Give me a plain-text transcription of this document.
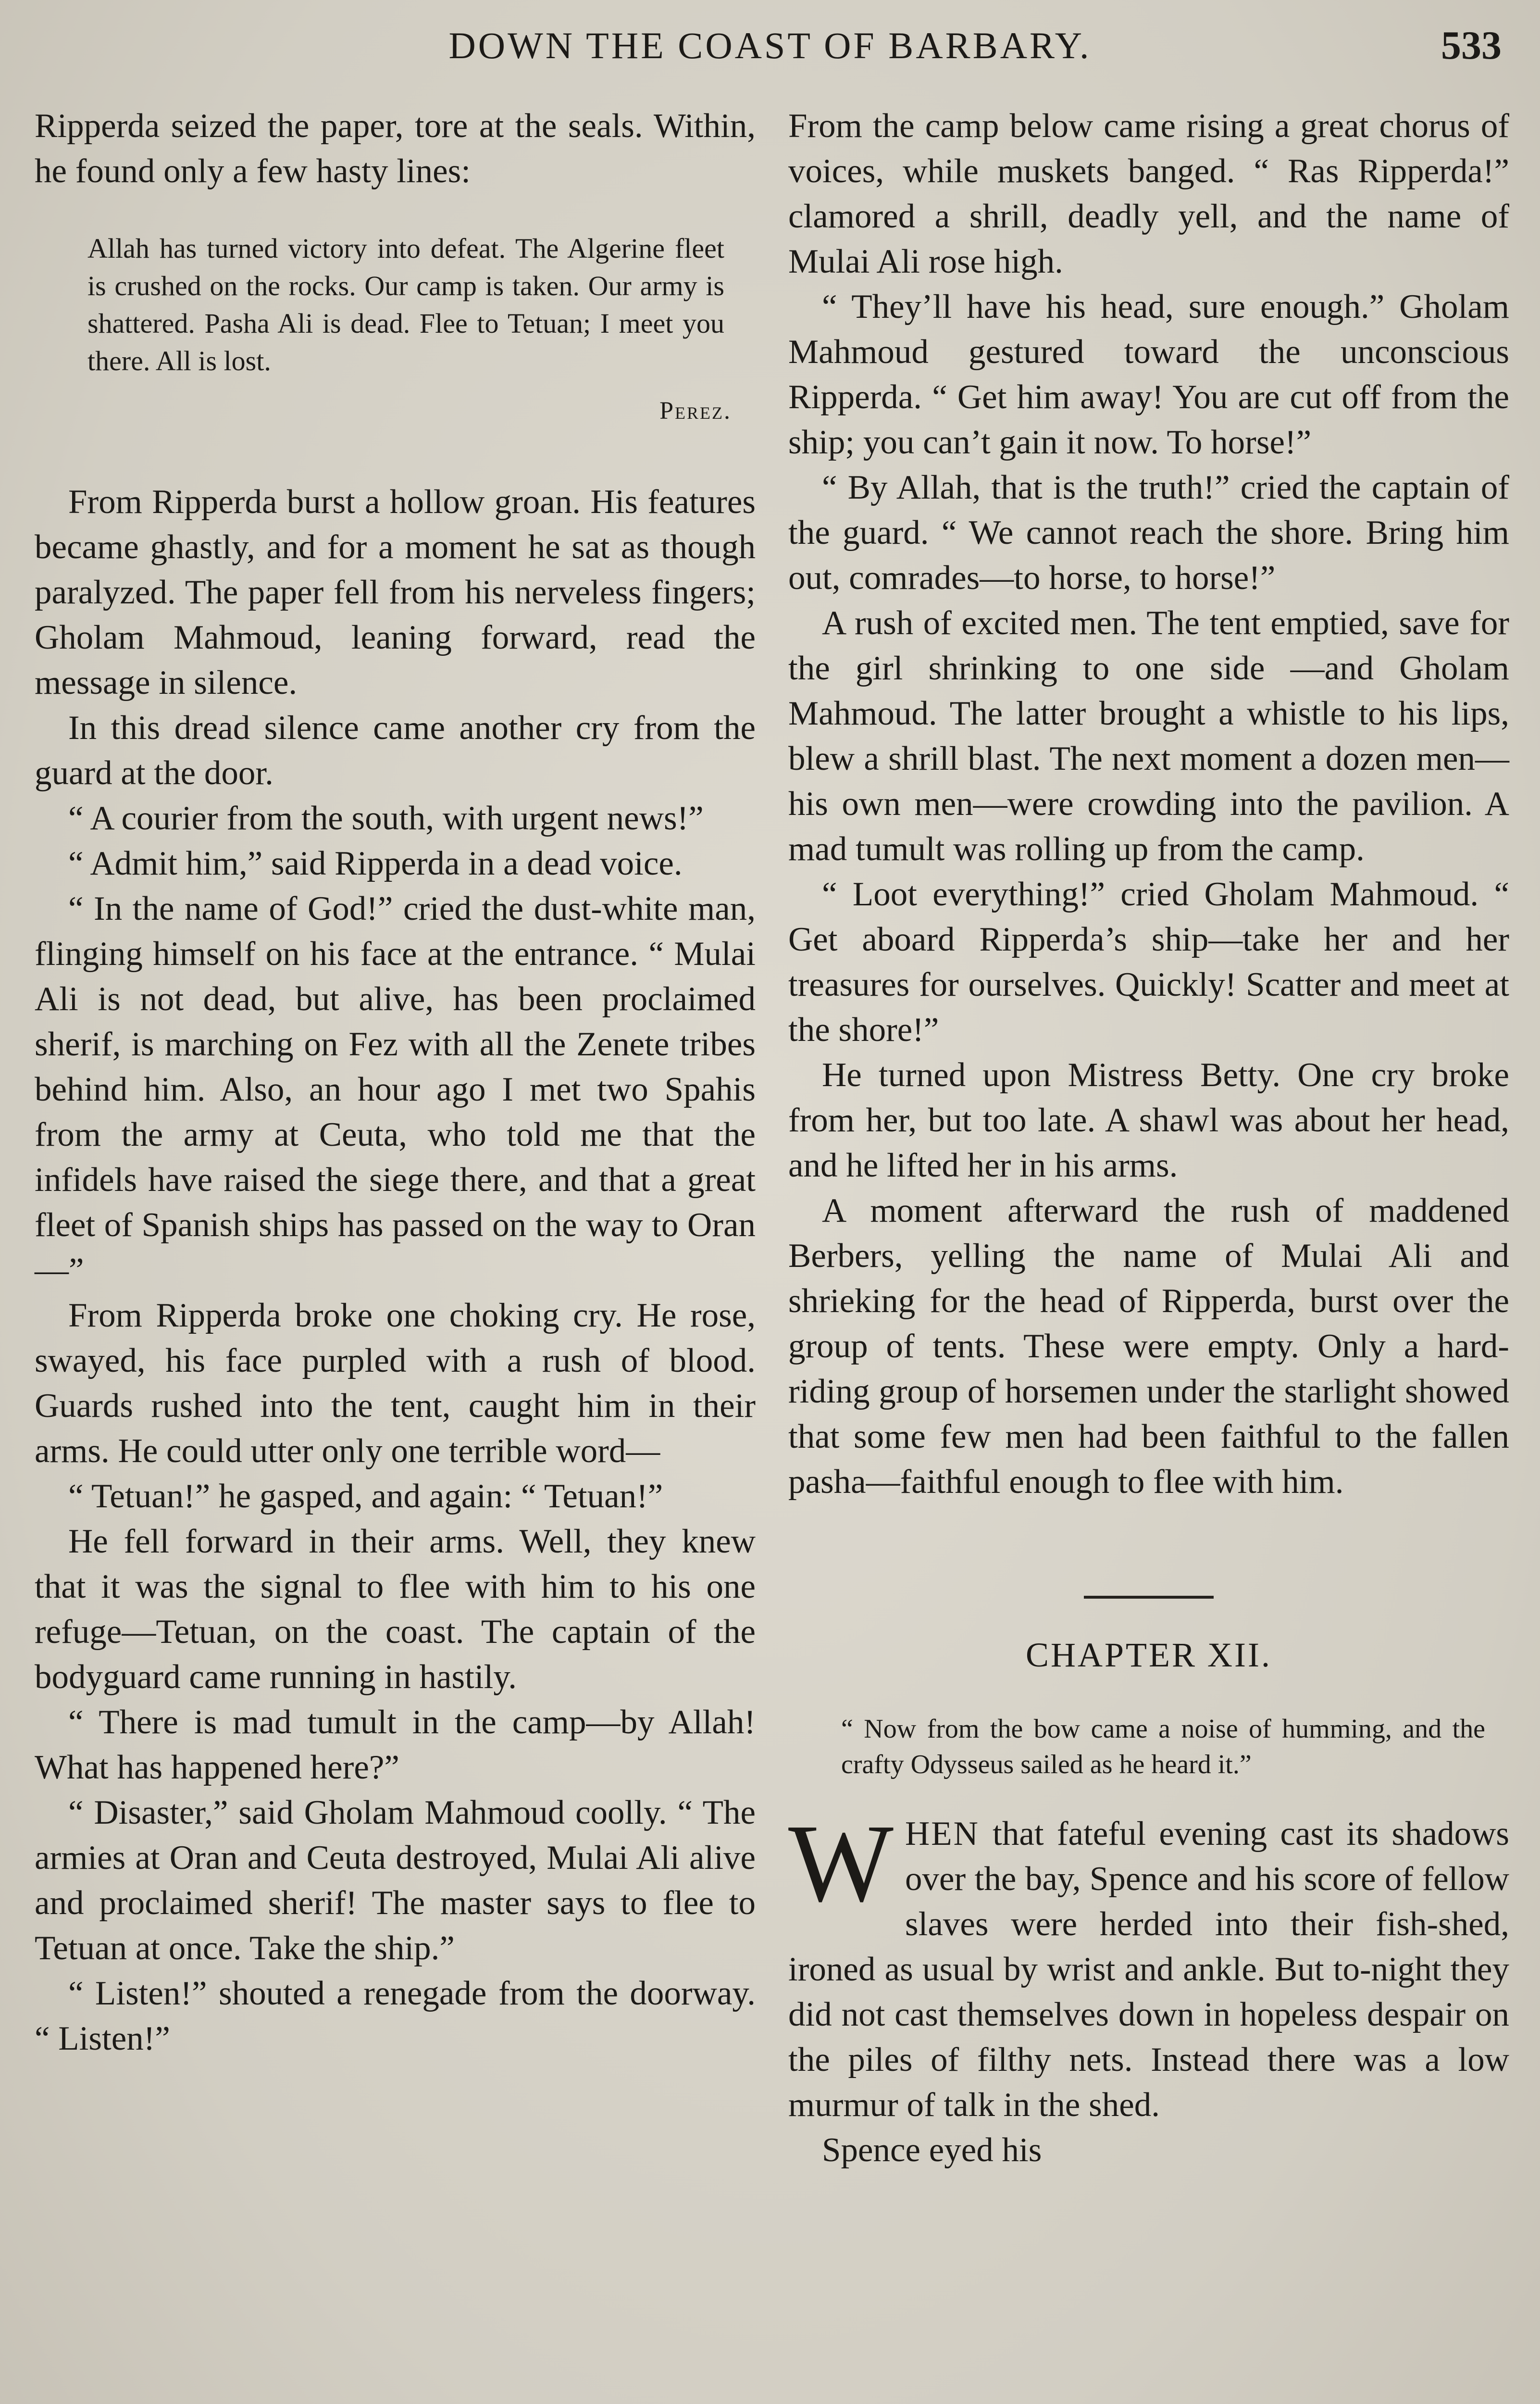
DOWN THE COAST OF BARBARY.	533

Ripperda seized the paper, tore at the seals. Within, he found only a few hasty lines:

Allah has turned victory into defeat. The Algerine fleet is crushed on the rocks. Our camp is taken. Our army is shattered. Pasha Ali is dead. Flee to Tetuan; I meet you there. All is lost.

Perez.

From Ripperda burst a hollow groan. His features became ghastly, and for a moment he sat as though paralyzed. The paper fell from his nerveless fingers; Gholam Mahmoud, leaning forward, read the message in silence.

In this dread silence came another cry from the guard at the door.

“ A courier from the south, with urgent news!”

“ Admit him,” said Ripperda in a dead voice.

“ In the name of God!” cried the dust-white man, flinging himself on his face at the entrance. “ Mulai Ali is not dead, but alive, has been proclaimed sherif, is marching on Fez with all the Zenete tribes behind him. Also, an hour ago I met two Spahis from the army at Ceuta, who told me that the infidels have raised the siege there, and that a great fleet of Spanish ships has passed on the way to Oran—”

From Ripperda broke one choking cry. He rose, swayed, his face purpled with a rush of blood. Guards rushed into the tent, caught him in their arms. He could utter only one terrible word—

“ Tetuan!” he gasped, and again: “ Tetuan!”

He fell forward in their arms. Well, they knew that it was the signal to flee with him to his one refuge—Tetuan, on the coast. The captain of the bodyguard came running in hastily.

“ There is mad tumult in the camp—by Allah! What has happened here?”

“ Disaster,” said Gholam Mahmoud coolly. “ The armies at Oran and Ceuta destroyed, Mulai Ali alive and proclaimed sherif! The master says to flee to Tetuan at once. Take the ship.”

“ Listen!” shouted a renegade from the doorway. “ Listen!”

From the camp below came rising a great chorus of voices, while muskets banged. “ Ras Ripperda!” clamored a shrill, deadly yell, and the name of Mulai Ali rose high.

“ They’ll have his head, sure enough.” Gholam Mahmoud gestured toward the unconscious Ripperda. “ Get him away! You are cut off from the ship; you can’t gain it now. To horse!”

“ By Allah, that is the truth!” cried the captain of the guard. “ We cannot reach the shore. Bring him out, comrades—to horse, to horse!”

A rush of excited men. The tent emptied, save for the girl shrinking to one side —and Gholam Mahmoud. The latter brought a whistle to his lips, blew a shrill blast. The next moment a dozen men—his own men—were crowding into the pavilion. A mad tumult was rolling up from the camp.

“ Loot everything!” cried Gholam Mahmoud. “ Get aboard Ripperda’s ship—take her and her treasures for ourselves. Quickly! Scatter and meet at the shore!”

He turned upon Mistress Betty. One cry broke from her, but too late. A shawl was about her head, and he lifted her in his arms.

A moment afterward the rush of maddened Berbers, yelling the name of Mulai Ali and shrieking for the head of Ripperda, burst over the group of tents. These were empty. Only a hard-riding group of horsemen under the starlight showed that some few men had been faithful to the fallen pasha—faithful enough to flee with him.

CHAPTER XII.
“ Now from the bow came a noise of humming, and the crafty Odysseus sailed as he heard it.”

WHEN that fateful evening cast its shadows over the bay, Spence and his score of fellow slaves were herded into their fish-shed, ironed as usual by wrist and ankle. But to-night they did not cast themselves down in hopeless despair on the piles of filthy nets. Instead there was a low murmur of talk in the shed.

Spence eyed his
